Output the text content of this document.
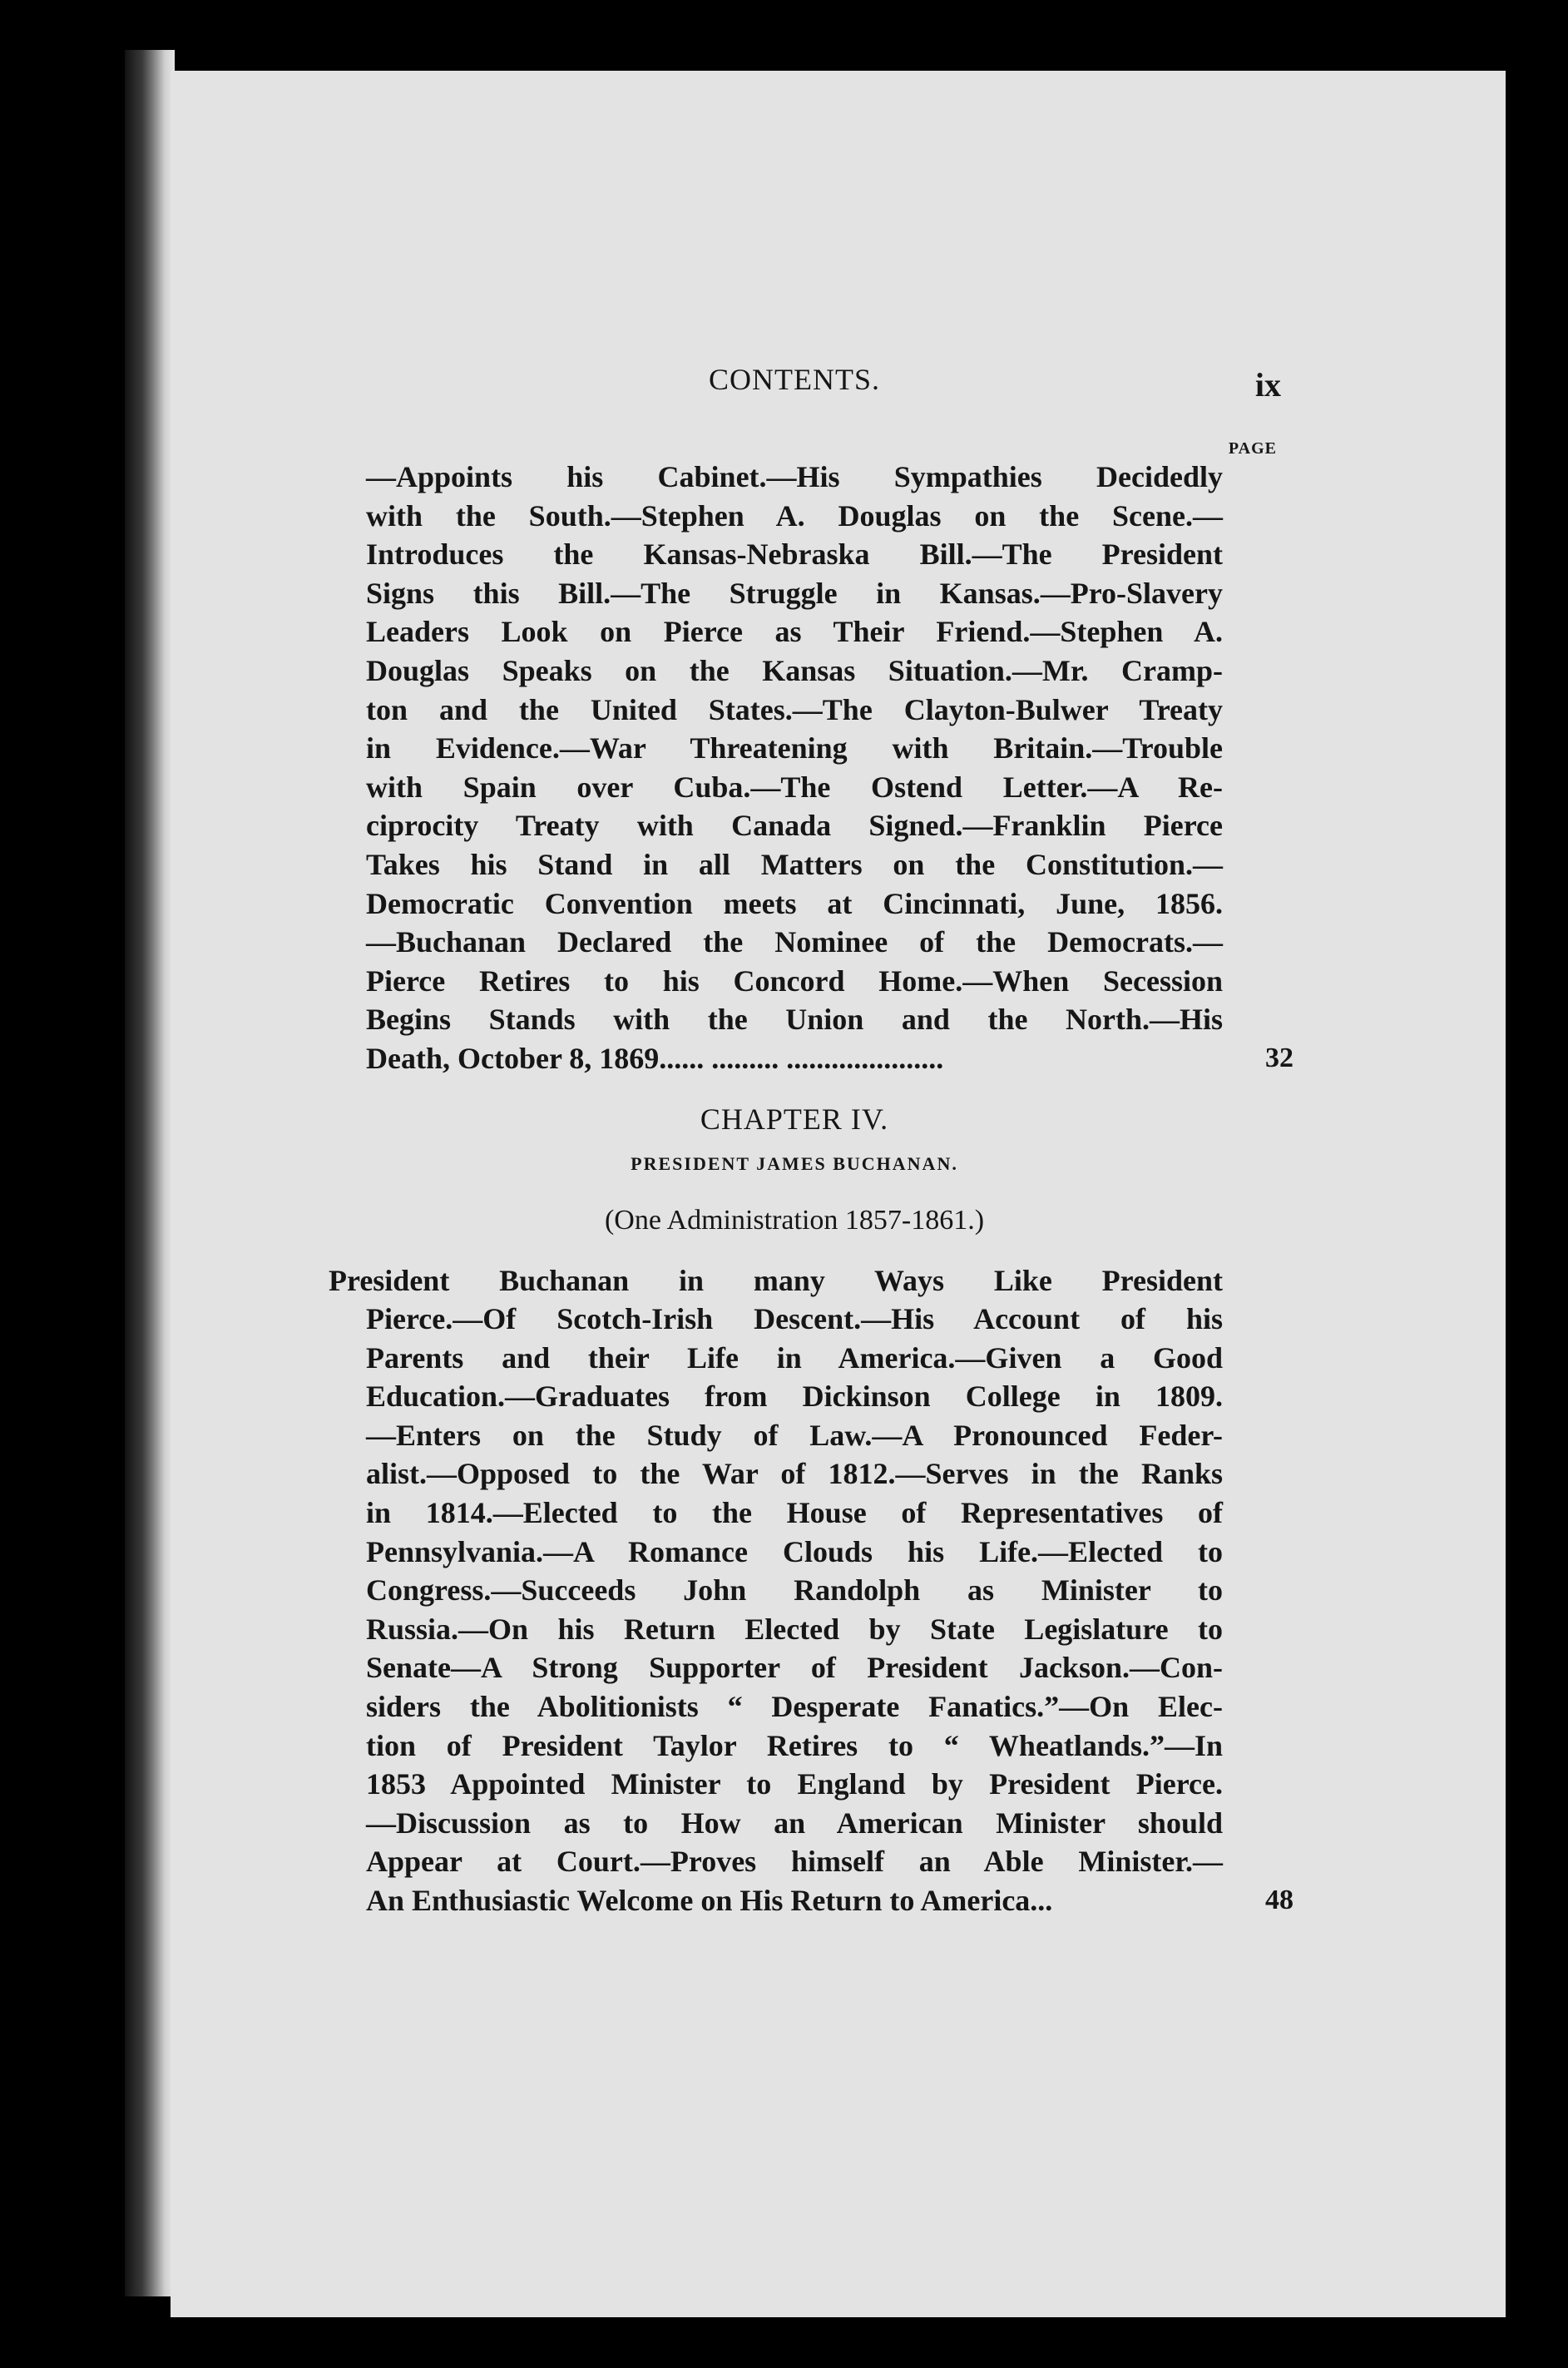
CONTENTS.	ix
PAGE
—Appoints his Cabinet.—His Sympathies Decidedly
with the South.—Stephen A. Douglas on the Scene.—
Introduces the Kansas-Nebraska Bill.—The President
Signs this Bill.—The Struggle in Kansas.—Pro-Slavery
Leaders Look on Pierce as Their Friend.—Stephen A.
Douglas Speaks on the Kansas Situation.—Mr. Cramp-
ton and the United States.—The Clayton-Bulwer Treaty
in Evidence.—War Threatening with Britain.—Trouble
with Spain over Cuba.—The Ostend Letter.—A Re-
ciprocity Treaty with Canada Signed.—Franklin Pierce
Takes his Stand in all Matters on the Constitution.—
Democratic Convention meets at Cincinnati, June, 1856.
—Buchanan Declared the Nominee of the Democrats.—
Pierce Retires to his Concord Home.—When Secession
Begins Stands with the Union and the North.—His
Death, October 8, 1869...... ......... .....................	32
CHAPTER IV.
PRESIDENT JAMES BUCHANAN.
(One Administration 1857-1861.)
President Buchanan in many Ways Like President
Pierce.—Of Scotch-Irish Descent.—His Account of his
Parents and their Life in America.—Given a Good
Education.—Graduates from Dickinson College in 1809.
—Enters on the Study of Law.—A Pronounced Feder-
alist.—Opposed to the War of 1812.—Serves in the Ranks
in 1814.—Elected to the House of Representatives of
Pennsylvania.—A Romance Clouds his Life.—Elected to
Congress.—Succeeds John Randolph as Minister to
Russia.—On his Return Elected by State Legislature to
Senate—A Strong Supporter of President Jackson.—Con-
siders the Abolitionists “ Desperate Fanatics.”—On Elec-
tion of President Taylor Retires to “ Wheatlands.”—In
1853 Appointed Minister to England by President Pierce.
—Discussion as to How an American Minister should
Appear at Court.—Proves himself an Able Minister.—
An Enthusiastic Welcome on His Return to America...	48
